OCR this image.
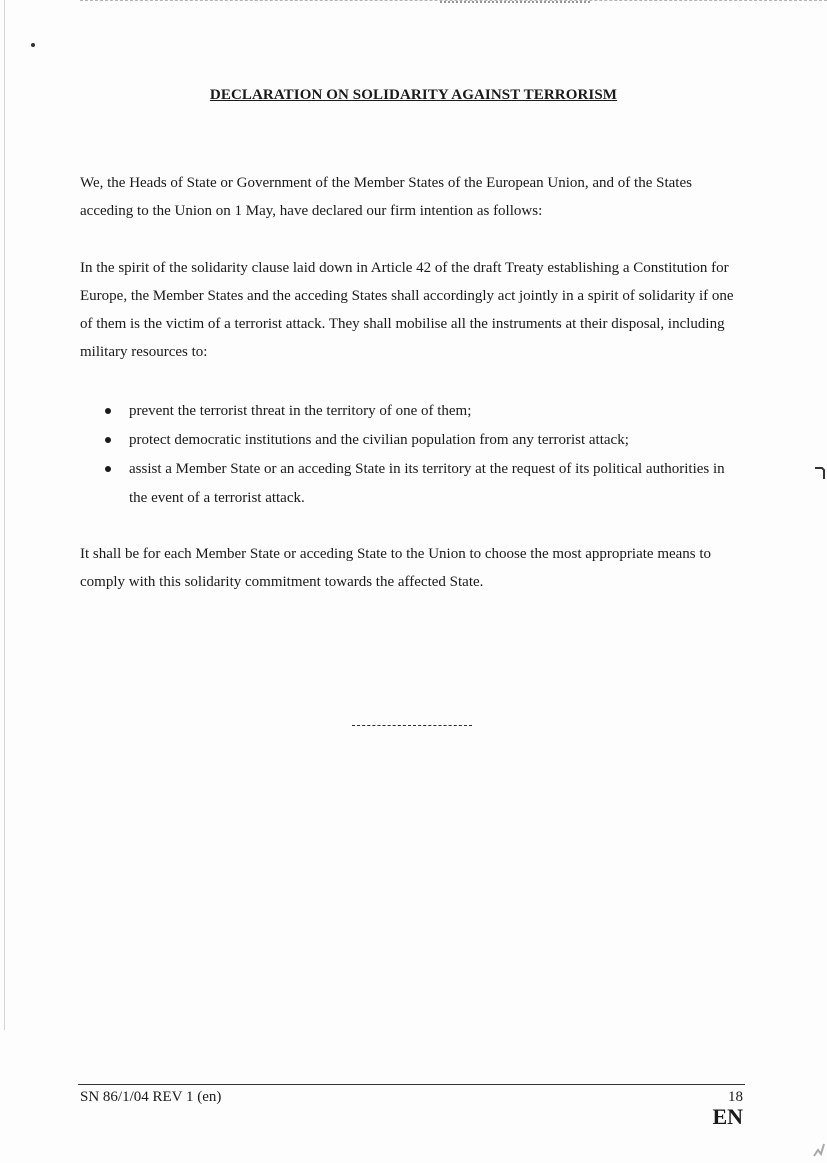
DECLARATION ON SOLIDARITY AGAINST TERRORISM

We, the Heads of State or Government of the Member States of the European Union, and of the States acceding to the Union on 1 May, have declared our firm intention as follows:

In the spirit of the solidarity clause laid down in Article 42 of the draft Treaty establishing a Constitution for Europe, the Member States and the acceding States shall accordingly act jointly in a spirit of solidarity if one of them is the victim of a terrorist attack. They shall mobilise all the instruments at their disposal, including military resources to:

prevent the terrorist threat in the territory of one of them;
protect democratic institutions and the civilian population from any terrorist attack;
assist a Member State or an acceding State in its territory at the request of its political authorities in the event of a terrorist attack.

It shall be for each Member State or acceding State to the Union to choose the most appropriate means to comply with this solidarity commitment towards the affected State.

SN 86/1/04 REV 1 (en)	18
EN
